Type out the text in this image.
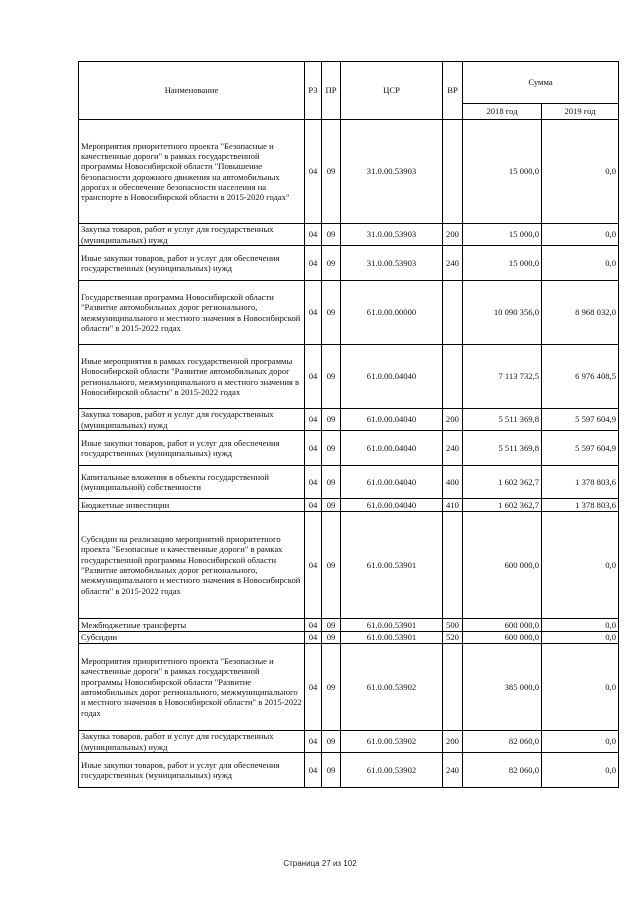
Наименование	РЗ	ПР	ЦСР	ВР	Сумма	
					2018 год	2019 год
Мероприятия приоритетного проекта "Безопасные и качественные дороги" в рамках государственной программы Новосибирской области "Повышение безопасности дорожного движения на автомобильных дорогах и обеспечение безопасности населения на транспорте в Новосибирской области в 2015-2020 годах"	04	09	31.0.00.53903		15 000,0	0,0
Закупка товаров, работ и услуг для государственных (муниципальных) нужд	04	09	31.0.00.53903	200	15 000,0	0,0
Иные закупки товаров, работ и услуг для обеспечения государственных (муниципальных) нужд	04	09	31.0.00.53903	240	15 000,0	0,0
Государственная программа Новосибирской области "Развитие автомобильных дорог регионального, межмуниципального и местного значения в Новосибирской области" в 2015-2022 годах	04	09	61.0.00.00000		10 090 356,0	8 968 032,0
Иные мероприятия в рамках государственной программы Новосибирской области "Развитие автомобильных дорог регионального, межмуниципального и местного значения в Новосибирской области" в 2015-2022 годах	04	09	61.0.00.04040		7 113 732,5	6 976 408,5
Закупка товаров, работ и услуг для государственных (муниципальных) нужд	04	09	61.0.00.04040	200	5 511 369,8	5 597 604,9
Иные закупки товаров, работ и услуг для обеспечения государственных (муниципальных) нужд	04	09	61.0.00.04040	240	5 511 369,8	5 597 604,9
Капитальные вложения в объекты государственной (муниципальной) собственности	04	09	61.0.00.04040	400	1 602 362,7	1 378 803,6
Бюджетные инвестиции	04	09	61.0.00.04040	410	1 602 362,7	1 378 803,6
Субсидии на реализацию мероприятий приоритетного проекта "Безопасные и качественные дороги" в рамках государственной программы Новосибирской области "Развитие автомобильных дорог регионального, межмуниципального и местного значения в Новосибирской области" в 2015-2022 годах	04	09	61.0.00.53901		600 000,0	0,0
Межбюджетные трансферты	04	09	61.0.00.53901	500	600 000,0	0,0
Субсидии	04	09	61.0.00.53901	520	600 000,0	0,0
Мероприятия приоритетного проекта "Безопасные и качественные дороги" в рамках государственной программы Новосибирской области "Развитие автомобильных дорог регионального, межмуниципального и местного значения в Новосибирской области" в 2015-2022 годах	04	09	61.0.00.53902		385 000,0	0,0
Закупка товаров, работ и услуг для государственных (муниципальных) нужд	04	09	61.0.00.53902	200	82 060,0	0,0
Иные закупки товаров, работ и услуг для обеспечения государственных (муниципальных) нужд	04	09	61.0.00.53902	240	82 060,0	0,0
Страница 27 из 102
